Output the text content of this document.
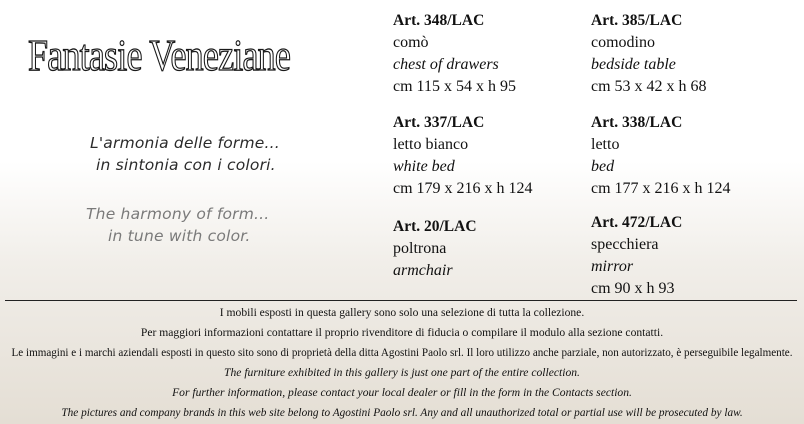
Fantasie Veneziane
L'armonia delle forme...
in sintonia con i colori.
The harmony of form...
in tune with color.
Art. 348/LAC
comò
chest of drawers
cm 115 x 54 x h 95
Art. 385/LAC
comodino
bedside table
cm 53 x 42 x h 68
Art. 337/LAC
letto bianco
white bed
cm 179 x 216 x h 124
Art. 338/LAC
letto
bed
cm 177 x 216 x h 124
Art. 20/LAC
poltrona
armchair
Art. 472/LAC
specchiera
mirror
cm 90 x h 93
I mobili esposti in questa gallery sono solo una selezione di tutta la collezione.
Per maggiori informazioni contattare il proprio rivenditore di fiducia o compilare il modulo alla sezione contatti.
Le immagini e i marchi aziendali esposti in questo sito sono di proprietà della ditta Agostini Paolo srl. Il loro utilizzo anche parziale, non autorizzato, è perseguibile legalmente.
The furniture exhibited in this gallery is just one part of the entire collection.
For further information, please contact your local dealer or fill in the form in the Contacts section.
The pictures and company brands in this web site belong to Agostini Paolo srl. Any and all unauthorized total or partial use will be prosecuted by law.
